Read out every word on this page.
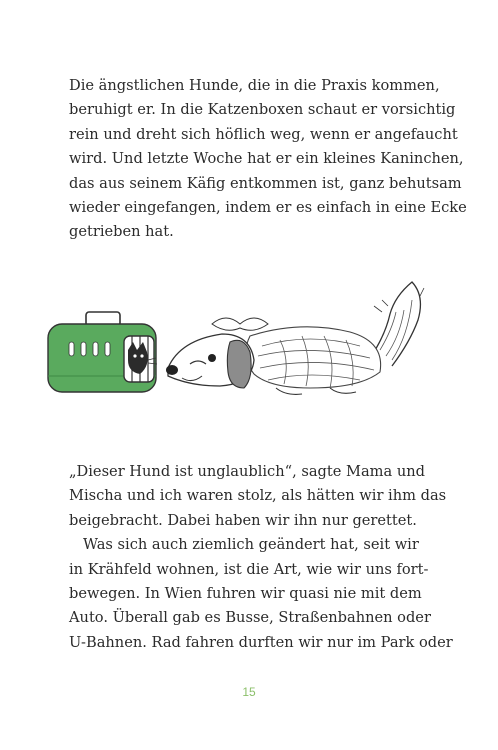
Die ängstlichen Hunde, die in die Praxis kommen,
beruhigt er. In die Katzenboxen schaut er vorsichtig
rein und dreht sich höflich weg, wenn er angefaucht
wird. Und letzte Woche hat er ein kleines Kaninchen,
das aus seinem Käfig entkommen ist, ganz behutsam
wieder eingefangen, indem er es einfach in eine Ecke
getrieben hat.
„Dieser Hund ist unglaublich“, sagte Mama und
Mischa und ich waren stolz, als hätten wir ihm das
beigebracht. Dabei haben wir ihn nur gerettet.
Was sich auch ziemlich geändert hat, seit wir
in Krähfeld wohnen, ist die Art, wie wir uns fort-
bewegen. In Wien fuhren wir quasi nie mit dem
Auto. Überall gab es Busse, Straßenbahnen oder
U-Bahnen. Rad fahren durften wir nur im Park oder
15
